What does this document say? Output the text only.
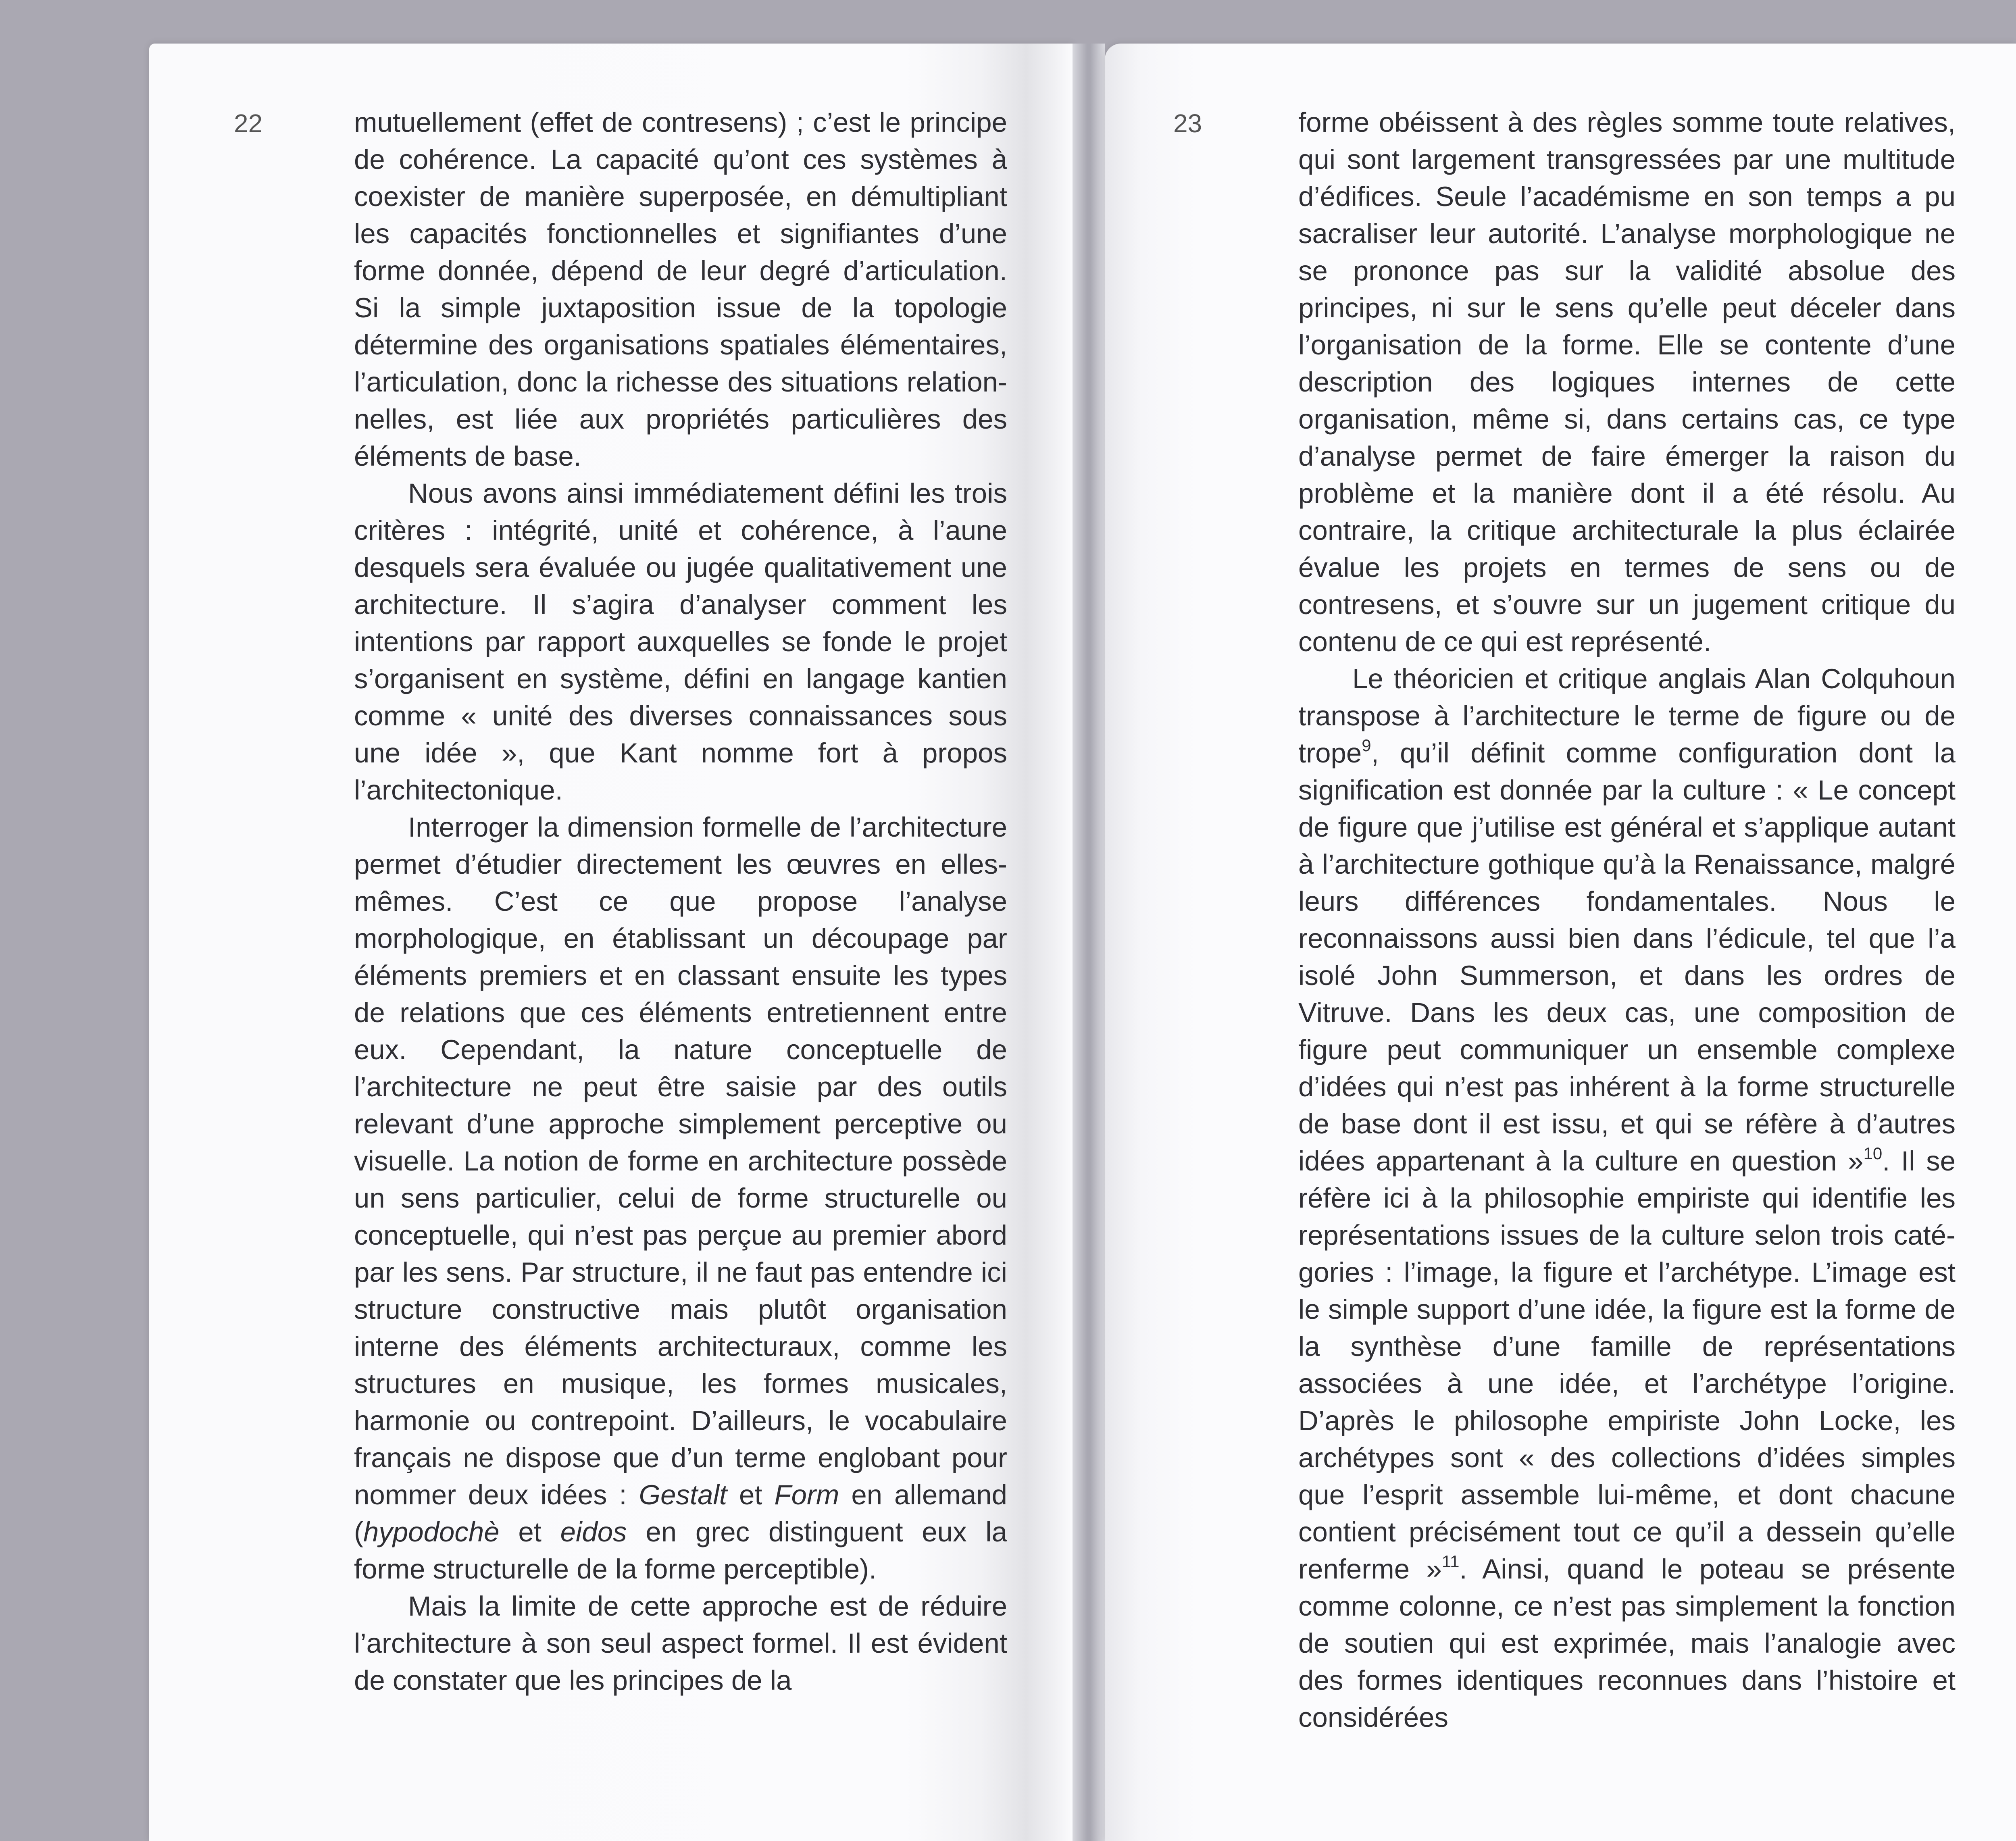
22	mutuellement (effet de contresens) ; c’est le principe de cohérence. La capacité qu’ont ces systèmes à coexister de manière superposée, en démultipliant les capacités fonctionnelles et signifiantes d’une forme donnée, dépend de leur degré d’articulation. Si la simple juxtaposition issue de la topologie détermine des organisations spatiales élémentaires, l’articulation, donc la richesse des situations relationnelles, est liée aux propriétés particulières des éléments de base.

Nous avons ainsi immédiatement défini les trois critères : intégrité, unité et cohérence, à l’aune desquels sera évaluée ou jugée qualitativement une architecture. Il s’agira d’analyser comment les intentions par rapport auxquelles se fonde le projet s’organisent en système, défini en langage kantien comme « unité des diverses connaissances sous une idée », que Kant nomme fort à propos l’architectonique.

Interroger la dimension formelle de l’architecture permet d’étudier directement les œuvres en elles-mêmes. C’est ce que propose l’analyse morphologique, en établissant un découpage par éléments premiers et en classant ensuite les types de relations que ces éléments entretiennent entre eux. Cependant, la nature conceptuelle de l’architecture ne peut être saisie par des outils relevant d’une approche simplement perceptive ou visuelle. La notion de forme en architecture possède un sens particulier, celui de forme structurelle ou conceptuelle, qui n’est pas perçue au premier abord par les sens. Par structure, il ne faut pas entendre ici structure constructive mais plutôt organisation interne des éléments architecturaux, comme les structures en musique, les formes musicales, harmonie ou contrepoint. D’ailleurs, le vocabulaire français ne dispose que d’un terme englobant pour nommer deux idées : Gestalt et Form en allemand (hypodochè et eidos en grec distinguent eux la forme structurelle de la forme perceptible).

Mais la limite de cette approche est de réduire l’architecture à son seul aspect formel. Il est évident de constater que les principes de la

23	forme obéissent à des règles somme toute relatives, qui sont largement transgressées par une multitude d’édifices. Seule l’académisme en son temps a pu sacraliser leur autorité. L’analyse morphologique ne se prononce pas sur la validité absolue des principes, ni sur le sens qu’elle peut déceler dans l’organisation de la forme. Elle se contente d’une description des logiques internes de cette organisation, même si, dans certains cas, ce type d’analyse permet de faire émerger la raison du problème et la manière dont il a été résolu. Au contraire, la critique architecturale la plus éclairée évalue les projets en termes de sens ou de contresens, et s’ouvre sur un jugement critique du contenu de ce qui est représenté.

Le théoricien et critique anglais Alan Colquhoun transpose à l’architecture le terme de figure ou de trope$^9$, qu’il définit comme configuration dont la signification est donnée par la culture : « Le concept de figure que j’utilise est général et s’applique autant à l’architecture gothique qu’à la Renaissance, malgré leurs différences fondamentales. Nous le reconnaissons aussi bien dans l’édicule, tel que l’a isolé John Summerson, et dans les ordres de Vitruve. Dans les deux cas, une composition de figure peut communiquer un ensemble complexe d’idées qui n’est pas inhérent à la forme structurelle de base dont il est issu, et qui se réfère à d’autres idées appartenant à la culture en question »$^{10}$. Il se réfère ici à la philosophie empiriste qui identifie les représentations issues de la culture selon trois catégories : l’image, la figure et l’archétype. L’image est le simple support d’une idée, la figure est la forme de la synthèse d’une famille de représentations associées à une idée, et l’archétype l’origine. D’après le philosophe empiriste John Locke, les archétypes sont « des collections d’idées simples que l’esprit assemble lui-même, et dont chacune contient précisément tout ce qu’il a dessein qu’elle renferme »$^{11}$. Ainsi, quand le poteau se présente comme colonne, ce n’est pas simplement la fonction de soutien qui est exprimée, mais l’analogie avec des formes identiques reconnues dans l’histoire et considérées
